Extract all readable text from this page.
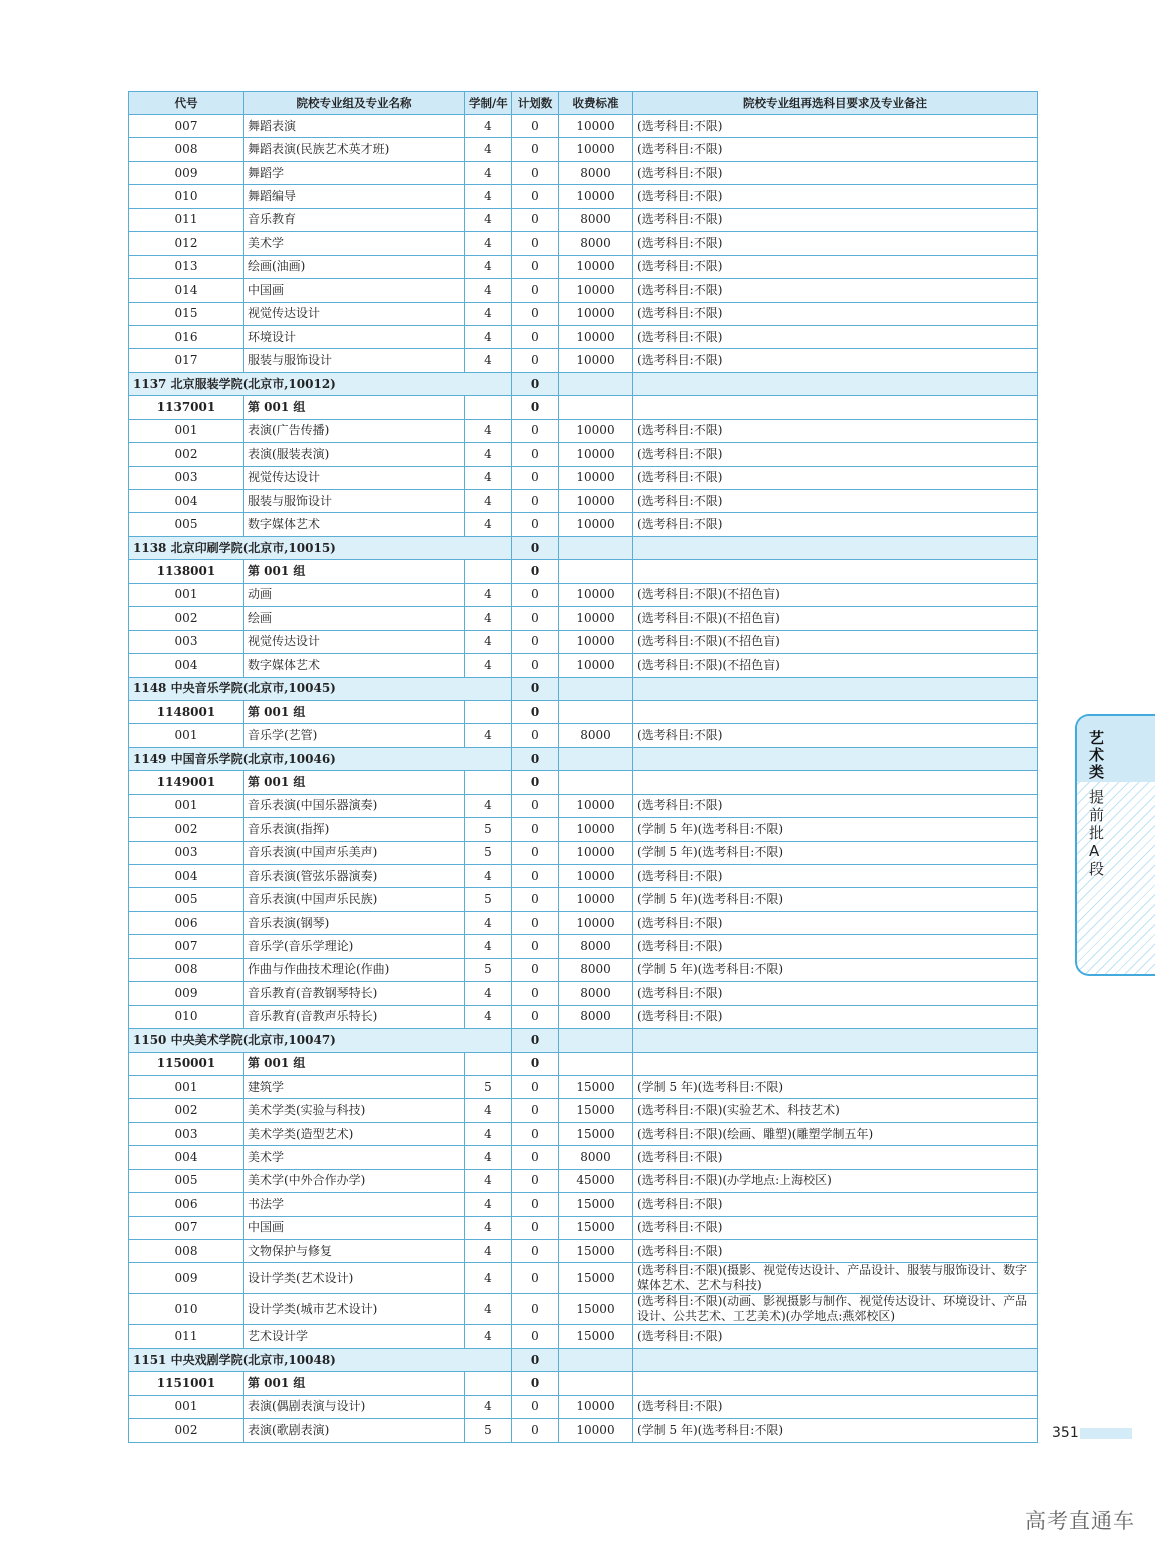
代号	院校专业组及专业名称	学制/年	计划数	收费标准	院校专业组再选科目要求及专业备注
007	舞蹈表演	4	0	10000	(选考科目:不限)
008	舞蹈表演(民族艺术英才班)	4	0	10000	(选考科目:不限)
009	舞蹈学	4	0	8000	(选考科目:不限)
010	舞蹈编导	4	0	10000	(选考科目:不限)
011	音乐教育	4	0	8000	(选考科目:不限)
012	美术学	4	0	8000	(选考科目:不限)
013	绘画(油画)	4	0	10000	(选考科目:不限)
014	中国画	4	0	10000	(选考科目:不限)
015	视觉传达设计	4	0	10000	(选考科目:不限)
016	环境设计	4	0	10000	(选考科目:不限)
017	服装与服饰设计	4	0	10000	(选考科目:不限)
1137 北京服装学院(北京市,10012)			0		
1137001	第 001 组		0		
001	表演(广告传播)	4	0	10000	(选考科目:不限)
002	表演(服装表演)	4	0	10000	(选考科目:不限)
003	视觉传达设计	4	0	10000	(选考科目:不限)
004	服装与服饰设计	4	0	10000	(选考科目:不限)
005	数字媒体艺术	4	0	10000	(选考科目:不限)
1138 北京印刷学院(北京市,10015)			0		
1138001	第 001 组		0		
001	动画	4	0	10000	(选考科目:不限)(不招色盲)
002	绘画	4	0	10000	(选考科目:不限)(不招色盲)
003	视觉传达设计	4	0	10000	(选考科目:不限)(不招色盲)
004	数字媒体艺术	4	0	10000	(选考科目:不限)(不招色盲)
1148 中央音乐学院(北京市,10045)			0		
1148001	第 001 组		0		
001	音乐学(艺管)	4	0	8000	(选考科目:不限)
1149 中国音乐学院(北京市,10046)			0		
1149001	第 001 组		0		
001	音乐表演(中国乐器演奏)	4	0	10000	(选考科目:不限)
002	音乐表演(指挥)	5	0	10000	(学制 5 年)(选考科目:不限)
003	音乐表演(中国声乐美声)	5	0	10000	(学制 5 年)(选考科目:不限)
004	音乐表演(管弦乐器演奏)	4	0	10000	(选考科目:不限)
005	音乐表演(中国声乐民族)	5	0	10000	(学制 5 年)(选考科目:不限)
006	音乐表演(钢琴)	4	0	10000	(选考科目:不限)
007	音乐学(音乐学理论)	4	0	8000	(选考科目:不限)
008	作曲与作曲技术理论(作曲)	5	0	8000	(学制 5 年)(选考科目:不限)
009	音乐教育(音教钢琴特长)	4	0	8000	(选考科目:不限)
010	音乐教育(音教声乐特长)	4	0	8000	(选考科目:不限)
1150 中央美术学院(北京市,10047)			0		
1150001	第 001 组		0		
001	建筑学	5	0	15000	(学制 5 年)(选考科目:不限)
002	美术学类(实验与科技)	4	0	15000	(选考科目:不限)(实验艺术、科技艺术)
003	美术学类(造型艺术)	4	0	15000	(选考科目:不限)(绘画、雕塑)(雕塑学制五年)
004	美术学	4	0	8000	(选考科目:不限)
005	美术学(中外合作办学)	4	0	45000	(选考科目:不限)(办学地点:上海校区)
006	书法学	4	0	15000	(选考科目:不限)
007	中国画	4	0	15000	(选考科目:不限)
008	文物保护与修复	4	0	15000	(选考科目:不限)
009	设计学类(艺术设计)	4	0	15000	(选考科目:不限)(摄影、视觉传达设计、产品设计、服装与服饰设计、数字媒体艺术、艺术与科技)
010	设计学类(城市艺术设计)	4	0	15000	(选考科目:不限)(动画、影视摄影与制作、视觉传达设计、环境设计、产品设计、公共艺术、工艺美术)(办学地点:燕郊校区)
011	艺术设计学	4	0	15000	(选考科目:不限)
1151 中央戏剧学院(北京市,10048)			0		
1151001	第 001 组		0		
001	表演(偶剧表演与设计)	4	0	10000	(选考科目:不限)
002	表演(歌剧表演)	5	0	10000	(学制 5 年)(选考科目:不限)
艺术类
提前批A段
351
高考直通车
